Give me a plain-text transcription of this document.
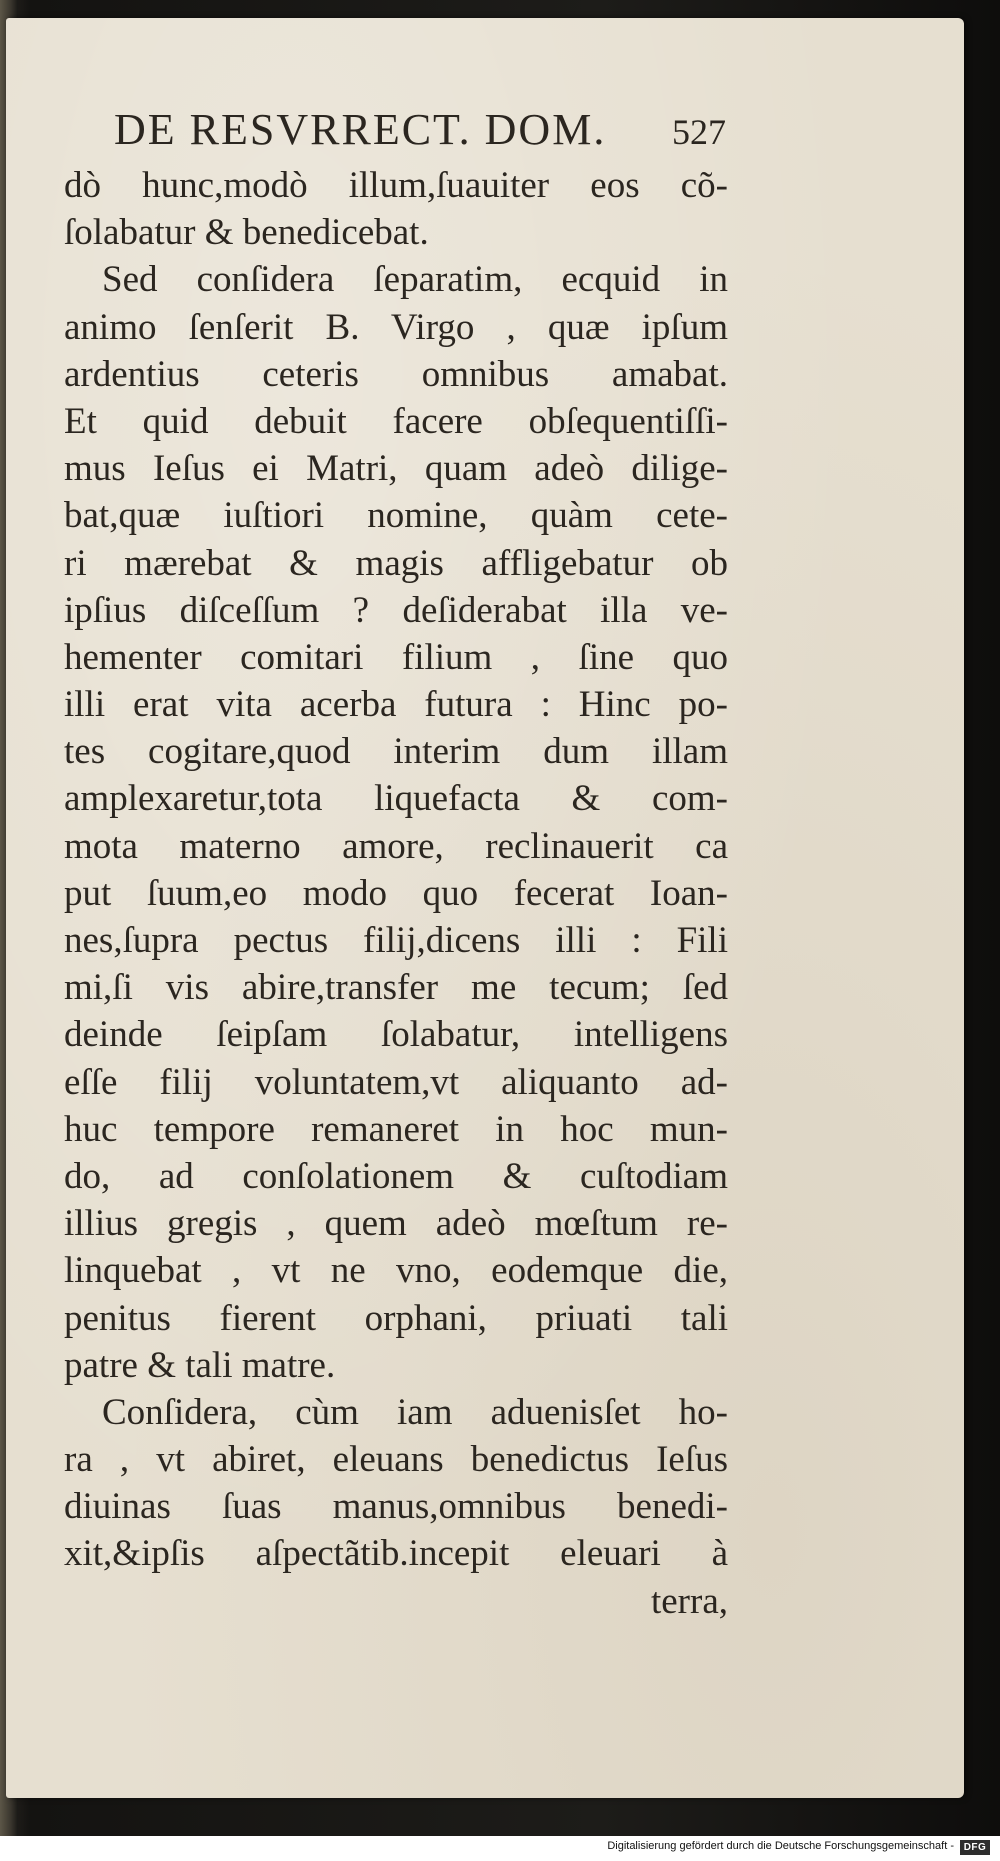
DE RESVRRECT. DOM. 527
dò hunc,modò illum,ſuauiter eos cõ-
ſolabatur & benedicebat.
Sed conſidera ſeparatim, ecquid in
animo ſenſerit B. Virgo , quæ ipſum
ardentius ceteris omnibus amabat.
Et quid debuit facere obſequentiſſi-
mus Ieſus ei Matri, quam adeò dilige-
bat,quæ iuſtiori nomine, quàm cete-
ri mærebat & magis affligebatur ob
ipſius diſceſſum ? deſiderabat illa ve-
hementer comitari filium , ſine quo
illi erat vita acerba futura : Hinc po-
tes cogitare,quod interim dum illam
amplexaretur,tota liquefacta & com-
mota materno amore, reclinauerit ca
put ſuum,eo modo quo fecerat Ioan-
nes,ſupra pectus filij,dicens illi : Fili
mi,ſi vis abire,transfer me tecum; ſed
deinde ſeipſam ſolabatur, intelligens
eſſe filij voluntatem,vt aliquanto ad-
huc tempore remaneret in hoc mun-
do, ad conſolationem & cuſtodiam
illius gregis , quem adeò mœſtum re-
linquebat , vt ne vno, eodemque die,
penitus fierent orphani, priuati tali
patre & tali matre.
Conſidera, cùm iam aduenisſet ho-
ra , vt abiret, eleuans benedictus Ieſus
diuinas ſuas manus,omnibus benedi-
xit,&ipſis aſpectãtib.incepit eleuari à
terra,
Digitalisierung gefördert durch die Deutsche Forschungsgemeinschaft - DFG
